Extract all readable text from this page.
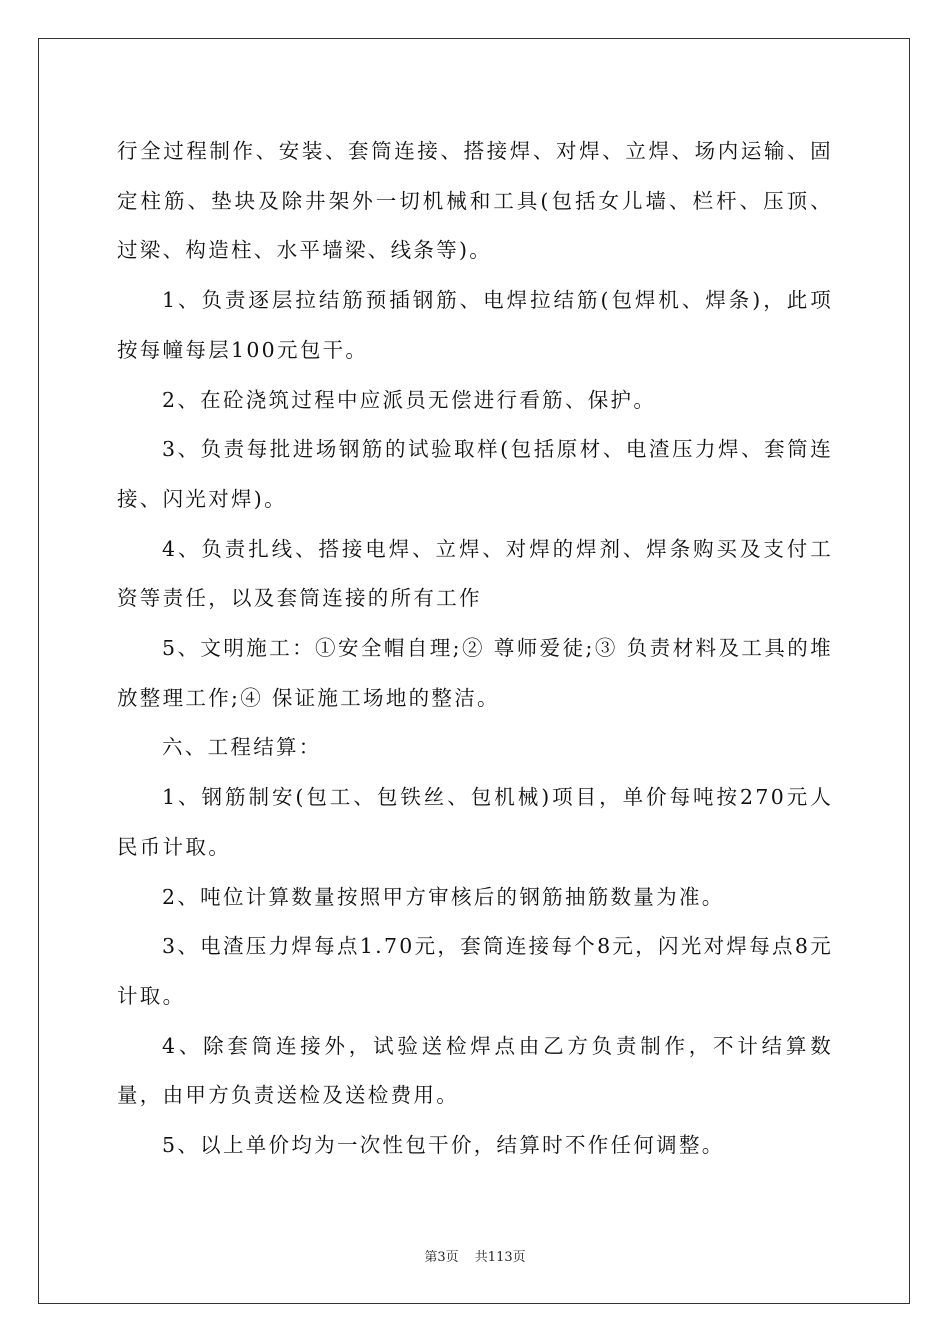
行全过程制作、安装、套筒连接、搭接焊、对焊、立焊、场内运输、固定柱筋、垫块及除井架外一切机械和工具(包括女儿墙、栏杆、压顶、过梁、构造柱、水平墙梁、线条等)。

1、负责逐层拉结筋预插钢筋、电焊拉结筋(包焊机、焊条)，此项按每幢每层100元包干。

2、在砼浇筑过程中应派员无偿进行看筋、保护。

3、负责每批进场钢筋的试验取样(包括原材、电渣压力焊、套筒连接、闪光对焊)。

4、负责扎线、搭接电焊、立焊、对焊的焊剂、焊条购买及支付工资等责任，以及套筒连接的所有工作

5、文明施工：①安全帽自理;② 尊师爱徒;③ 负责材料及工具的堆放整理工作;④ 保证施工场地的整洁。

六、工程结算：

1、钢筋制安(包工、包铁丝、包机械)项目，单价每吨按270元人民币计取。

2、吨位计算数量按照甲方审核后的钢筋抽筋数量为准。

3、电渣压力焊每点1.70元，套筒连接每个8元，闪光对焊每点8元计取。

4、除套筒连接外，试验送检焊点由乙方负责制作，不计结算数量，由甲方负责送检及送检费用。

5、以上单价均为一次性包干价，结算时不作任何调整。

第3页 共113页
